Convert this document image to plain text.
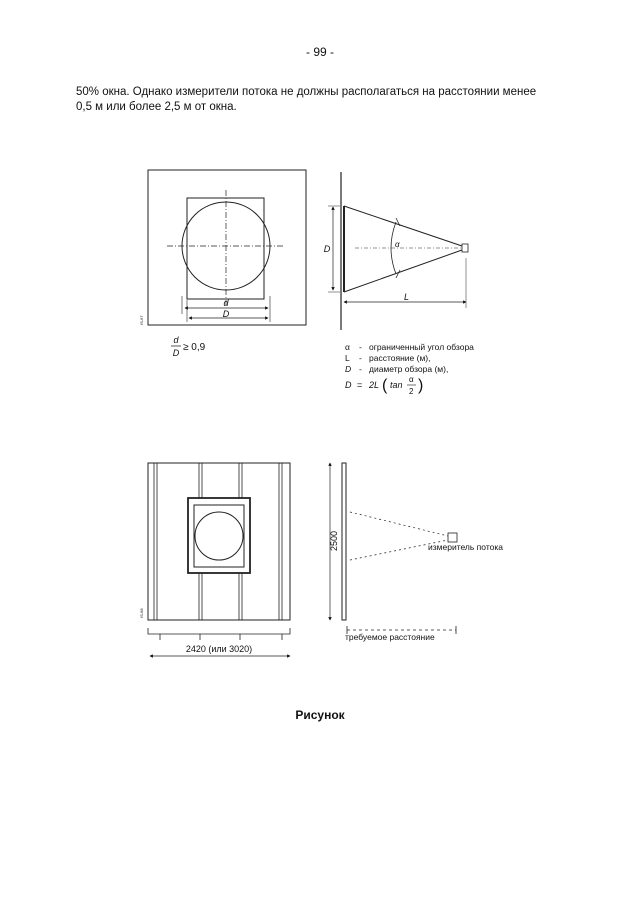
- 99 -
50% окна. Однако измерители потока не должны располагаться на расстоянии менее
0,5 м или более 2,5 м от окна.
d
D
IS-67
d
D ≥ 0,9
D	α
L
α - ограниченный угол обзора
L - расстояние (м),
D - диаметр обзора (м),
D = 2L ( tan
α
2 )
IS-68
2420 (или 3020)
2500	измеритель потока
требуемое расстояние
Рисунок
